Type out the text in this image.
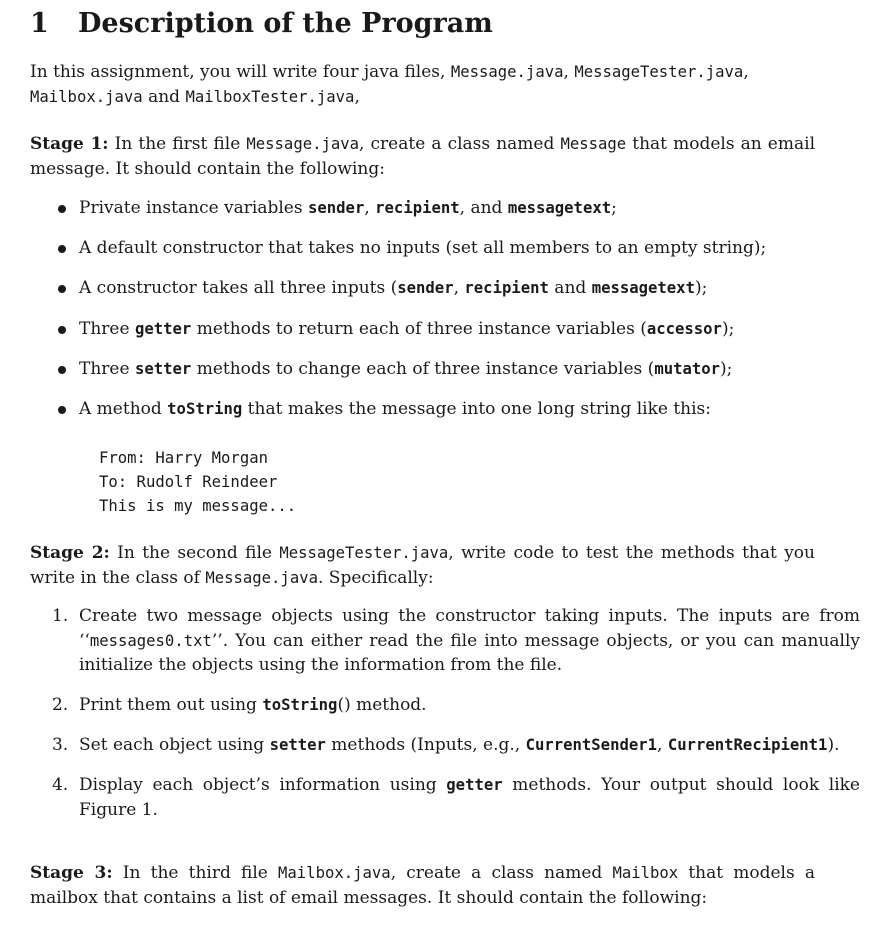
1 Description of the Program

In this assignment, you will write four java files, Message.java, MessageTester.java,
Mailbox.java and MailboxTester.java,

Stage 1: In the first file Message.java, create a class named Message that models an email message. It should contain the following:

Private instance variables sender, recipient, and messagetext;
A default constructor that takes no inputs (set all members to an empty string);
A constructor takes all three inputs (sender, recipient and messagetext);
Three getter methods to return each of three instance variables (accessor);
Three setter methods to change each of three instance variables (mutator);
A method toString that makes the message into one long string like this:
From: Harry Morgan
To: Rudolf Reindeer
This is my message...

Stage 2: In the second file MessageTester.java, write code to test the methods that you write in the class of Message.java. Specifically:

1. Create two message objects using the constructor taking inputs. The inputs are from ‘‘messages0.txt’’. You can either read the file into message objects, or you can manually initialize the objects using the information from the file.
2. Print them out using toString() method.
3. Set each object using setter methods (Inputs, e.g., CurrentSender1, CurrentRecipient1).
4. Display each object’s information using getter methods. Your output should look like Figure 1.

Stage 3: In the third file Mailbox.java, create a class named Mailbox that models a mailbox that contains a list of email messages. It should contain the following:
